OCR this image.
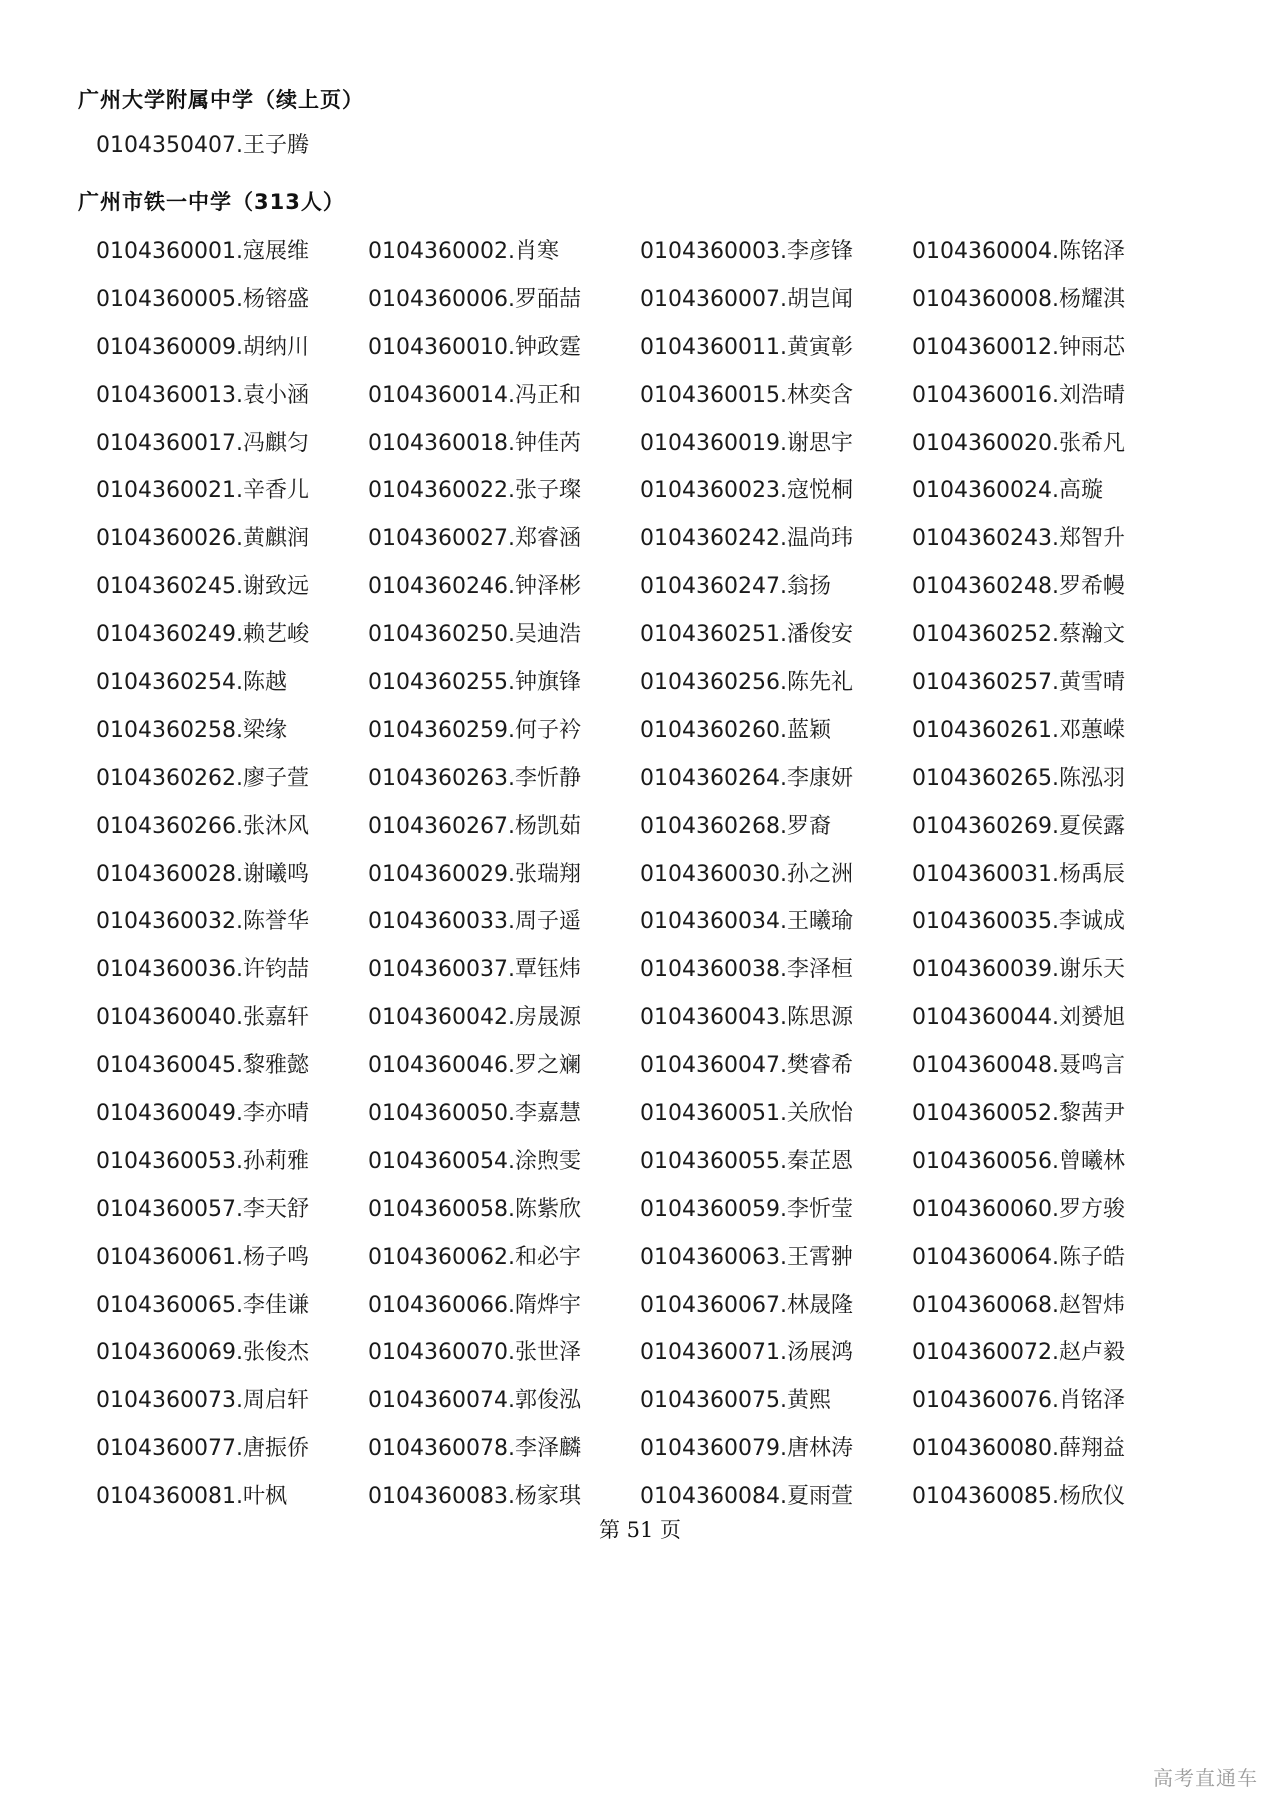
广州大学附属中学（续上页）
0104350407.王子腾
广州市铁一中学（313人）
0104360001.寇展维	0104360002.肖寒	0104360003.李彦锋	0104360004.陈铭泽
0104360005.杨镕盛	0104360006.罗皕喆	0104360007.胡岂闻	0104360008.杨耀淇
0104360009.胡纳川	0104360010.钟政霆	0104360011.黄寅彰	0104360012.钟雨芯
0104360013.袁小涵	0104360014.冯正和	0104360015.林奕含	0104360016.刘浩晴
0104360017.冯麒匀	0104360018.钟佳芮	0104360019.谢思宇	0104360020.张希凡
0104360021.辛香儿	0104360022.张子璨	0104360023.寇悦桐	0104360024.高璇
0104360026.黄麒润	0104360027.郑睿涵	0104360242.温尚玮	0104360243.郑智升
0104360245.谢致远	0104360246.钟泽彬	0104360247.翁扬	0104360248.罗希幔
0104360249.赖艺峻	0104360250.吴迪浩	0104360251.潘俊安	0104360252.蔡瀚文
0104360254.陈越	0104360255.钟旗锋	0104360256.陈先礼	0104360257.黄雪晴
0104360258.梁缘	0104360259.何子衿	0104360260.蓝颖	0104360261.邓蕙嵘
0104360262.廖子萱	0104360263.李忻静	0104360264.李康妍	0104360265.陈泓羽
0104360266.张沐风	0104360267.杨凯茹	0104360268.罗裔	0104360269.夏侯露
0104360028.谢曦鸣	0104360029.张瑞翔	0104360030.孙之洲	0104360031.杨禹辰
0104360032.陈誉华	0104360033.周子遥	0104360034.王曦瑜	0104360035.李诚成
0104360036.许钧喆	0104360037.覃钰炜	0104360038.李泽桓	0104360039.谢乐天
0104360040.张嘉轩	0104360042.房晟源	0104360043.陈思源	0104360044.刘赟旭
0104360045.黎雅懿	0104360046.罗之斓	0104360047.樊睿希	0104360048.聂鸣言
0104360049.李亦晴	0104360050.李嘉慧	0104360051.关欣怡	0104360052.黎茜尹
0104360053.孙莉雅	0104360054.涂煦雯	0104360055.秦芷恩	0104360056.曾曦林
0104360057.李天舒	0104360058.陈紫欣	0104360059.李忻莹	0104360060.罗方骏
0104360061.杨子鸣	0104360062.和必宇	0104360063.王霄翀	0104360064.陈子皓
0104360065.李佳谦	0104360066.隋烨宇	0104360067.林晟隆	0104360068.赵智炜
0104360069.张俊杰	0104360070.张世泽	0104360071.汤展鸿	0104360072.赵卢毅
0104360073.周启轩	0104360074.郭俊泓	0104360075.黄熙	0104360076.肖铭泽
0104360077.唐振侨	0104360078.李泽麟	0104360079.唐林涛	0104360080.薛翔益
0104360081.叶枫	0104360083.杨家琪	0104360084.夏雨萱	0104360085.杨欣仪
第 51 页
高考直通车
